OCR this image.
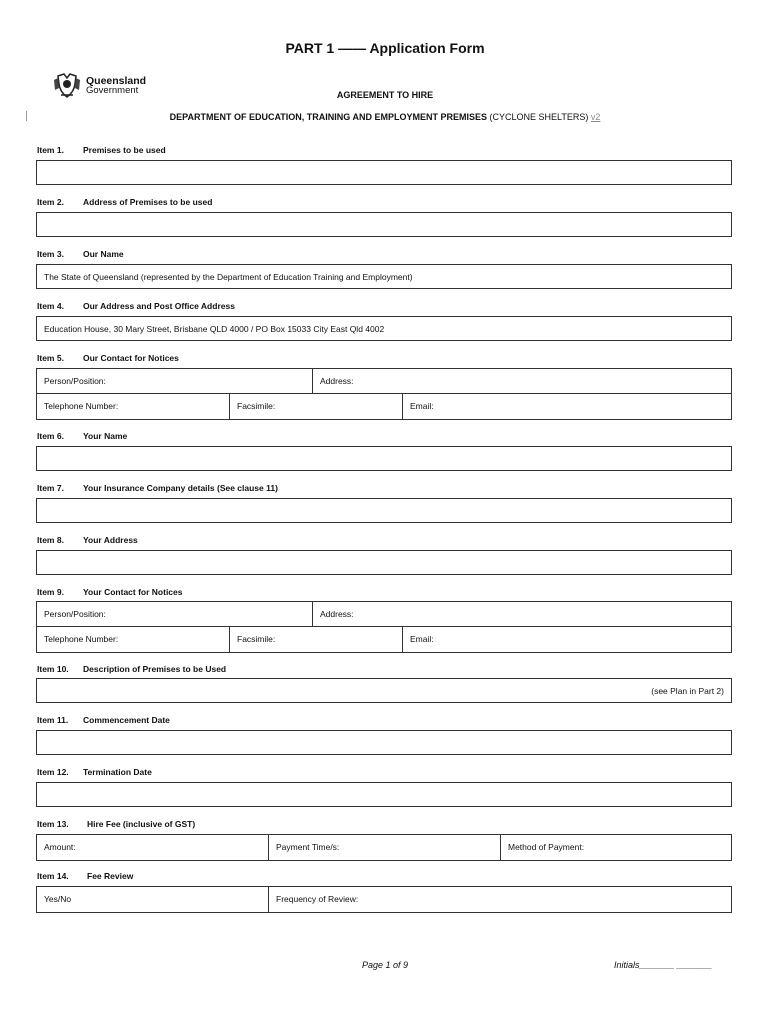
PART 1 —— Application Form
Queensland
Government	AGREEMENT TO HIRE
DEPARTMENT OF EDUCATION, TRAINING AND EMPLOYMENT PREMISES (CYCLONE SHELTERS) v2
Item 1. Premises to be used
Item 2. Address of Premises to be used
Item 3. Our Name
The State of Queensland (represented by the Department of Education Training and Employment)
Item 4. Our Address and Post Office Address
Education House, 30 Mary Street, Brisbane QLD 4000 / PO Box 15033 City East Qld 4002
Item 5. Our Contact for Notices
Person/Position:	Address:
Telephone Number:	Facsimile:	Email:
Item 6. Your Name
Item 7. Your Insurance Company details (See clause 11)
Item 8. Your Address
Item 9. Your Contact for Notices
Person/Position:	Address:
Telephone Number:	Facsimile:	Email:
Item 10. Description of Premises to be Used
(see Plan in Part 2)
Item 11. Commencement Date
Item 12. Termination Date
Item 13. Hire Fee (inclusive of GST)
Amount:	Payment Time/s:	Method of Payment:
Item 14. Fee Review
Yes/No	Frequency of Review:
Page 1 of 9	Initials_______ _______
